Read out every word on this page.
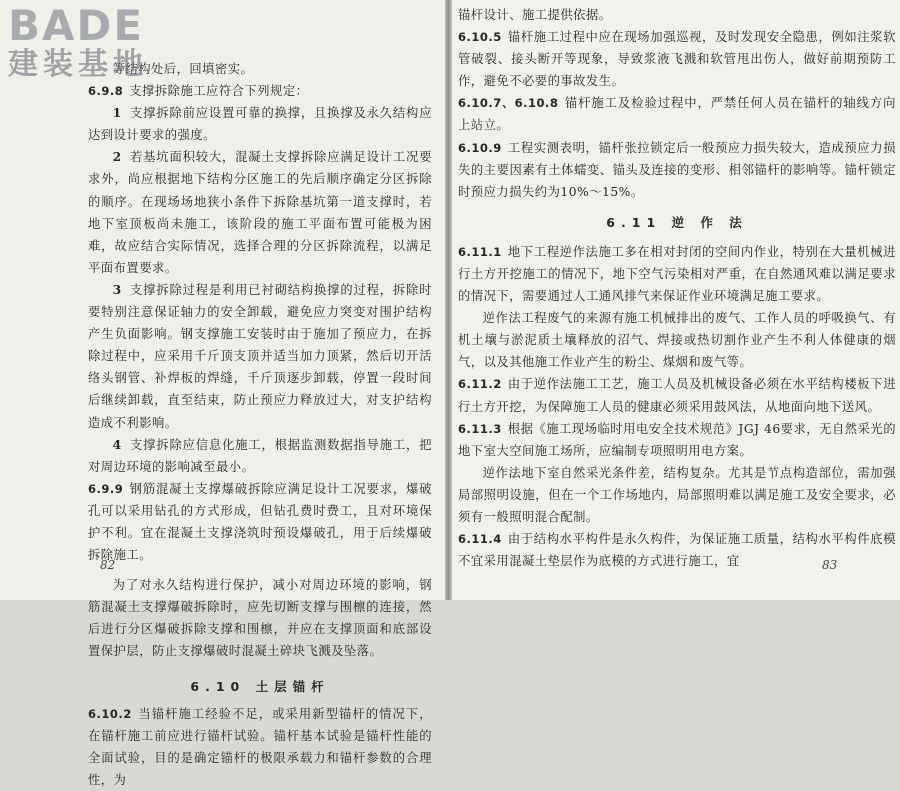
BADE
建装基地

等结构处后，回填密实。

6.9.8 支撑拆除施工应符合下列规定：

1 支撑拆除前应设置可靠的换撑，且换撑及永久结构应达到设计要求的强度。

2 若基坑面积较大，混凝土支撑拆除应满足设计工况要求外，尚应根据地下结构分区施工的先后顺序确定分区拆除的顺序。在现场场地狭小条件下拆除基坑第一道支撑时，若地下室顶板尚未施工，该阶段的施工平面布置可能极为困难，故应结合实际情况，选择合理的分区拆除流程，以满足平面布置要求。

3 支撑拆除过程是利用已衬砌结构换撑的过程，拆除时要特别注意保证轴力的安全卸载，避免应力突变对围护结构产生负面影响。钢支撑施工安装时由于施加了预应力，在拆除过程中，应采用千斤顶支顶并适当加力顶紧，然后切开活络头钢管、补焊板的焊缝，千斤顶逐步卸载，停置一段时间后继续卸载，直至结束，防止预应力释放过大，对支护结构造成不利影响。

4 支撑拆除应信息化施工，根据监测数据指导施工，把对周边环境的影响减至最小。

6.9.9 钢筋混凝土支撑爆破拆除应满足设计工况要求，爆破孔可以采用钻孔的方式形成，但钻孔费时费工，且对环境保护不利。宜在混凝土支撑浇筑时预设爆破孔，用于后续爆破拆除施工。

为了对永久结构进行保护，减小对周边环境的影响，钢筋混凝土支撑爆破拆除时，应先切断支撑与围檩的连接，然后进行分区爆破拆除支撑和围檩，并应在支撑顶面和底部设置保护层，防止支撑爆破时混凝土碎块飞溅及坠落。

6.10 土层锚杆

6.10.2 当锚杆施工经验不足，或采用新型锚杆的情况下，在锚杆施工前应进行锚杆试验。锚杆基本试验是锚杆性能的全面试验，目的是确定锚杆的极限承载力和锚杆参数的合理性，为

82

锚杆设计、施工提供依据。

6.10.5 锚杆施工过程中应在现场加强巡视，及时发现安全隐患，例如注浆软管破裂、接头断开等现象，导致浆液飞溅和软管甩出伤人，做好前期预防工作，避免不必要的事故发生。

6.10.7、6.10.8 锚杆施工及检验过程中，严禁任何人员在锚杆的轴线方向上站立。

6.10.9 工程实测表明，锚杆张拉锁定后一般预应力损失较大，造成预应力损失的主要因素有土体蠕变、锚头及连接的变形、相邻锚杆的影响等。锚杆锁定时预应力损失约为10%～15%。

6.11 逆 作 法

6.11.1 地下工程逆作法施工多在相对封闭的空间内作业，特别在大量机械进行土方开挖施工的情况下，地下空气污染相对严重，在自然通风难以满足要求的情况下，需要通过人工通风排气来保证作业环境满足施工要求。

逆作法工程废气的来源有施工机械排出的废气、工作人员的呼吸换气、有机土壤与淤泥质土壤释放的沼气、焊接或热切割作业产生不利人体健康的烟气，以及其他施工作业产生的粉尘、煤烟和废气等。

6.11.2 由于逆作法施工工艺，施工人员及机械设备必须在水平结构楼板下进行土方开挖，为保障施工人员的健康必须采用鼓风法，从地面向地下送风。

6.11.3 根据《施工现场临时用电安全技术规范》JGJ 46要求，无自然采光的地下室大空间施工场所，应编制专项照明用电方案。

逆作法地下室自然采光条件差，结构复杂。尤其是节点构造部位，需加强局部照明设施，但在一个工作场地内，局部照明难以满足施工及安全要求，必须有一般照明混合配制。

6.11.4 由于结构水平构件是永久构件，为保证施工质量，结构水平构件底模不宜采用混凝土垫层作为底模的方式进行施工，宜	83
